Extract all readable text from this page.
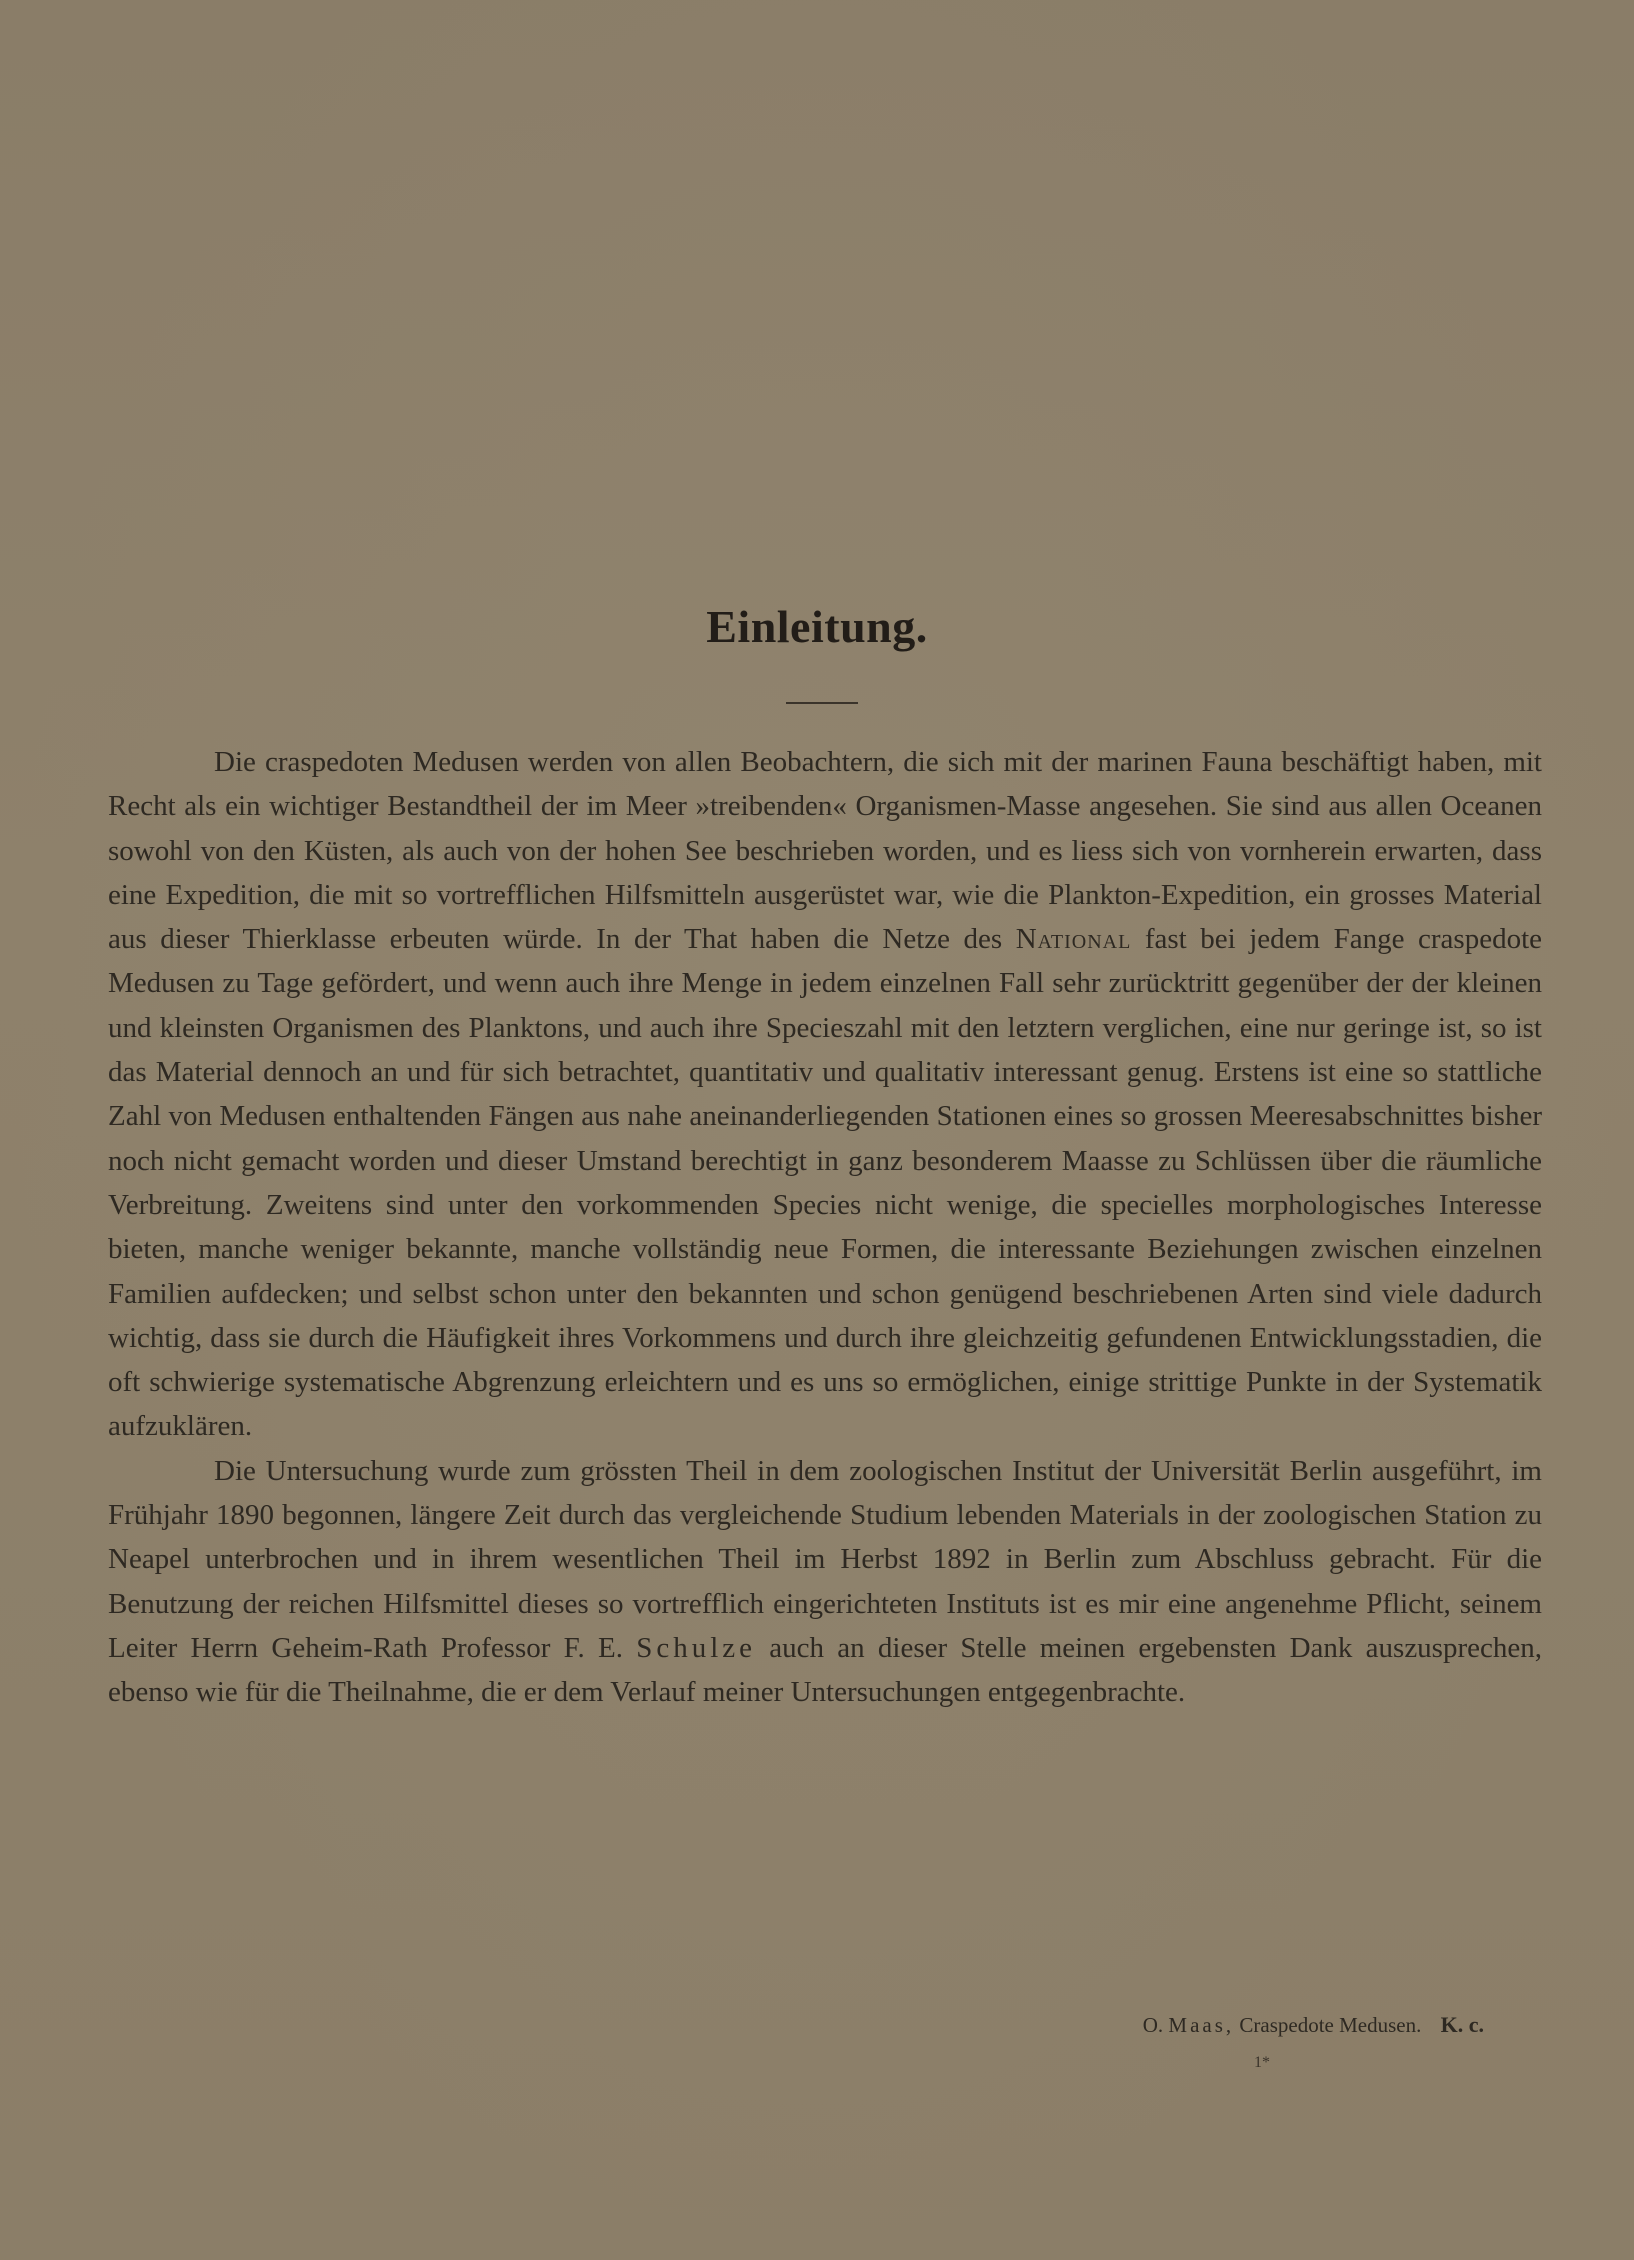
Einleitung.

Die craspedoten Medusen werden von allen Beobachtern, die sich mit der marinen Fauna beschäftigt haben, mit Recht als ein wichtiger Bestandtheil der im Meer »treibenden« Organismen-Masse angesehen. Sie sind aus allen Oceanen sowohl von den Küsten, als auch von der hohen See beschrieben worden, und es liess sich von vornherein erwarten, dass eine Expedition, die mit so vortrefflichen Hilfsmitteln ausgerüstet war, wie die Plankton-Expedition, ein grosses Material aus dieser Thierklasse erbeuten würde. In der That haben die Netze des National fast bei jedem Fange craspedote Medusen zu Tage gefördert, und wenn auch ihre Menge in jedem einzelnen Fall sehr zurücktritt gegenüber der der kleinen und kleinsten Organismen des Planktons, und auch ihre Specieszahl mit den letztern verglichen, eine nur geringe ist, so ist das Material dennoch an und für sich betrachtet, quantitativ und qualitativ interessant genug. Erstens ist eine so stattliche Zahl von Medusen enthaltenden Fängen aus nahe aneinanderliegenden Stationen eines so grossen Meeresabschnittes bisher noch nicht gemacht worden und dieser Umstand berechtigt in ganz besonderem Maasse zu Schlüssen über die räumliche Verbreitung. Zweitens sind unter den vorkommenden Species nicht wenige, die specielles morphologisches Interesse bieten, manche weniger bekannte, manche vollständig neue Formen, die interessante Beziehungen zwischen einzelnen Familien aufdecken; und selbst schon unter den bekannten und schon genügend beschriebenen Arten sind viele dadurch wichtig, dass sie durch die Häufigkeit ihres Vorkommens und durch ihre gleichzeitig gefundenen Entwicklungsstadien, die oft schwierige systematische Abgrenzung erleichtern und es uns so ermöglichen, einige strittige Punkte in der Systematik aufzuklären.

Die Untersuchung wurde zum grössten Theil in dem zoologischen Institut der Universität Berlin ausgeführt, im Frühjahr 1890 begonnen, längere Zeit durch das vergleichende Studium lebenden Materials in der zoologischen Station zu Neapel unterbrochen und in ihrem wesentlichen Theil im Herbst 1892 in Berlin zum Abschluss gebracht. Für die Benutzung der reichen Hilfsmittel dieses so vortrefflich eingerichteten Instituts ist es mir eine angenehme Pflicht, seinem Leiter Herrn Geheim-Rath Professor F. E. Schulze auch an dieser Stelle meinen ergebensten Dank auszusprechen, ebenso wie für die Theilnahme, die er dem Verlauf meiner Untersuchungen entgegenbrachte.

O. Maas, Craspedote Medusen. K. c.
1*
